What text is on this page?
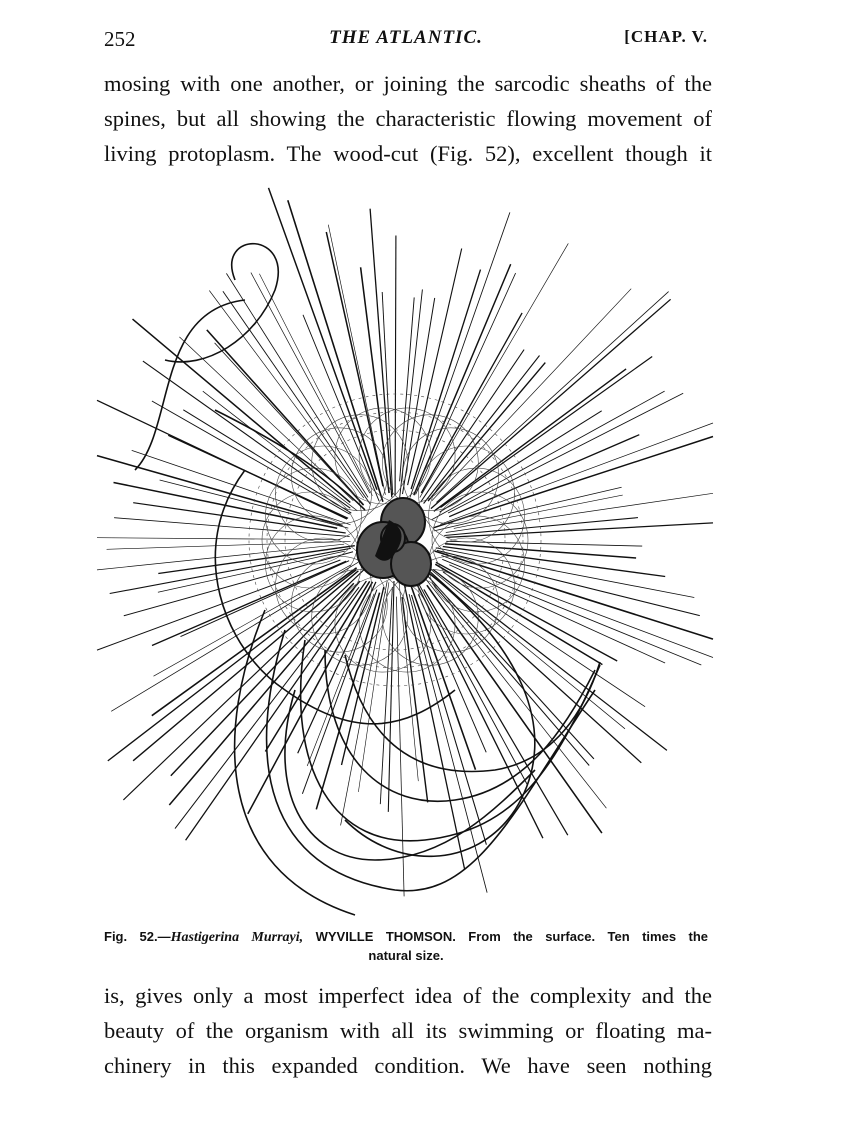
252	THE ATLANTIC.	[CHAP. V.
mosing with one another, or joining the sarcodic sheaths of the
spines, but all showing the characteristic flowing movement of
living protoplasm. The wood-cut (Fig. 52), excellent though it
Fig. 52.—Hastigerina Murrayi, WYVILLE THOMSON. From the surface. Ten times the
natural size.
is, gives only a most imperfect idea of the complexity and the
beauty of the organism with all its swimming or floating ma-
chinery in this expanded condition. We have seen nothing
